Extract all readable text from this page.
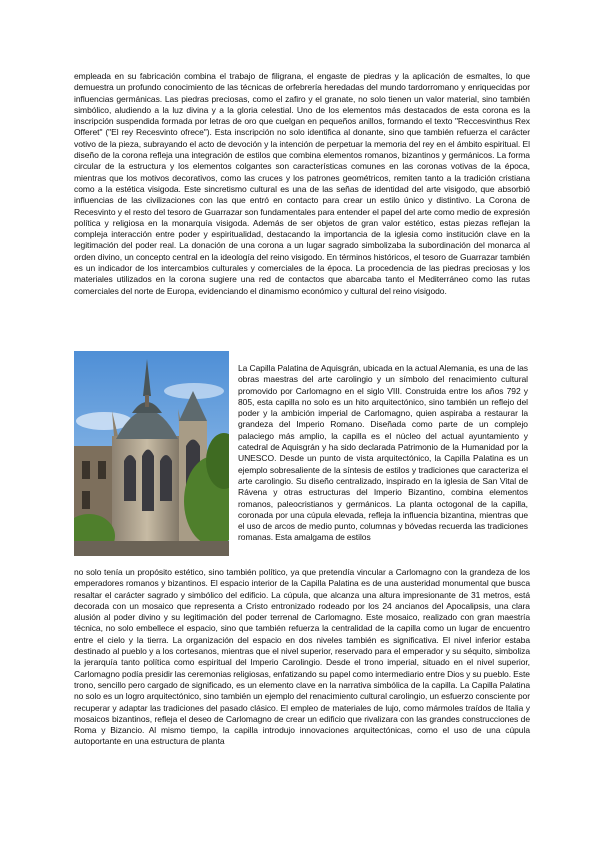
empleada en su fabricación combina el trabajo de filigrana, el engaste de piedras y la aplicación de esmaltes, lo que demuestra un profundo conocimiento de las técnicas de orfebrería heredadas del mundo tardorromano y enriquecidas por influencias germánicas. Las piedras preciosas, como el zafiro y el granate, no solo tienen un valor material, sino también simbólico, aludiendo a la luz divina y a la gloria celestial. Uno de los elementos más destacados de esta corona es la inscripción suspendida formada por letras de oro que cuelgan en pequeños anillos, formando el texto "Reccesvinthus Rex Offeret" ("El rey Recesvinto ofrece"). Esta inscripción no solo identifica al donante, sino que también refuerza el carácter votivo de la pieza, subrayando el acto de devoción y la intención de perpetuar la memoria del rey en el ámbito espiritual. El diseño de la corona refleja una integración de estilos que combina elementos romanos, bizantinos y germánicos. La forma circular de la estructura y los elementos colgantes son características comunes en las coronas votivas de la época, mientras que los motivos decorativos, como las cruces y los patrones geométricos, remiten tanto a la tradición cristiana como a la estética visigoda. Este sincretismo cultural es una de las señas de identidad del arte visigodo, que absorbió influencias de las civilizaciones con las que entró en contacto para crear un estilo único y distintivo. La Corona de Recesvinto y el resto del tesoro de Guarrazar son fundamentales para entender el papel del arte como medio de expresión política y religiosa en la monarquía visigoda. Además de ser objetos de gran valor estético, estas piezas reflejan la compleja interacción entre poder y espiritualidad, destacando la importancia de la iglesia como institución clave en la legitimación del poder real. La donación de una corona a un lugar sagrado simbolizaba la subordinación del monarca al orden divino, un concepto central en la ideología del reino visigodo. En términos históricos, el tesoro de Guarrazar también es un indicador de los intercambios culturales y comerciales de la época. La procedencia de las piedras preciosas y los materiales utilizados en la corona sugiere una red de contactos que abarcaba tanto el Mediterráneo como las rutas comerciales del norte de Europa, evidenciando el dinamismo económico y cultural del reino visigodo.

La Capilla Palatina de Aquisgrán, ubicada en la actual Alemania, es una de las obras maestras del arte carolingio y un símbolo del renacimiento cultural promovido por Carlomagno en el siglo VIII. Construida entre los años 792 y 805, esta capilla no solo es un hito arquitectónico, sino también un reflejo del poder y la ambición imperial de Carlomagno, quien aspiraba a restaurar la grandeza del Imperio Romano. Diseñada como parte de un complejo palaciego más amplio, la capilla es el núcleo del actual ayuntamiento y catedral de Aquisgrán y ha sido declarada Patrimonio de la Humanidad por la UNESCO. Desde un punto de vista arquitectónico, la Capilla Palatina es un ejemplo sobresaliente de la síntesis de estilos y tradiciones que caracteriza el arte carolingio. Su diseño centralizado, inspirado en la iglesia de San Vital de Rávena y otras estructuras del Imperio Bizantino, combina elementos romanos, paleocristianos y germánicos. La planta octogonal de la capilla, coronada por una cúpula elevada, refleja la influencia bizantina, mientras que el uso de arcos de medio punto, columnas y bóvedas recuerda las tradiciones romanas. Esta amalgama de estilos

no solo tenía un propósito estético, sino también político, ya que pretendía vincular a Carlomagno con la grandeza de los emperadores romanos y bizantinos. El espacio interior de la Capilla Palatina es de una austeridad monumental que busca resaltar el carácter sagrado y simbólico del edificio. La cúpula, que alcanza una altura impresionante de 31 metros, está decorada con un mosaico que representa a Cristo entronizado rodeado por los 24 ancianos del Apocalipsis, una clara alusión al poder divino y su legitimación del poder terrenal de Carlomagno. Este mosaico, realizado con gran maestría técnica, no solo embellece el espacio, sino que también refuerza la centralidad de la capilla como un lugar de encuentro entre el cielo y la tierra. La organización del espacio en dos niveles también es significativa. El nivel inferior estaba destinado al pueblo y a los cortesanos, mientras que el nivel superior, reservado para el emperador y su séquito, simboliza la jerarquía tanto política como espiritual del Imperio Carolingio. Desde el trono imperial, situado en el nivel superior, Carlomagno podía presidir las ceremonias religiosas, enfatizando su papel como intermediario entre Dios y su pueblo. Este trono, sencillo pero cargado de significado, es un elemento clave en la narrativa simbólica de la capilla. La Capilla Palatina no solo es un logro arquitectónico, sino también un ejemplo del renacimiento cultural carolingio, un esfuerzo consciente por recuperar y adaptar las tradiciones del pasado clásico. El empleo de materiales de lujo, como mármoles traídos de Italia y mosaicos bizantinos, refleja el deseo de Carlomagno de crear un edificio que rivalizara con las grandes construcciones de Roma y Bizancio. Al mismo tiempo, la capilla introdujo innovaciones arquitectónicas, como el uso de una cúpula autoportante en una estructura de planta
